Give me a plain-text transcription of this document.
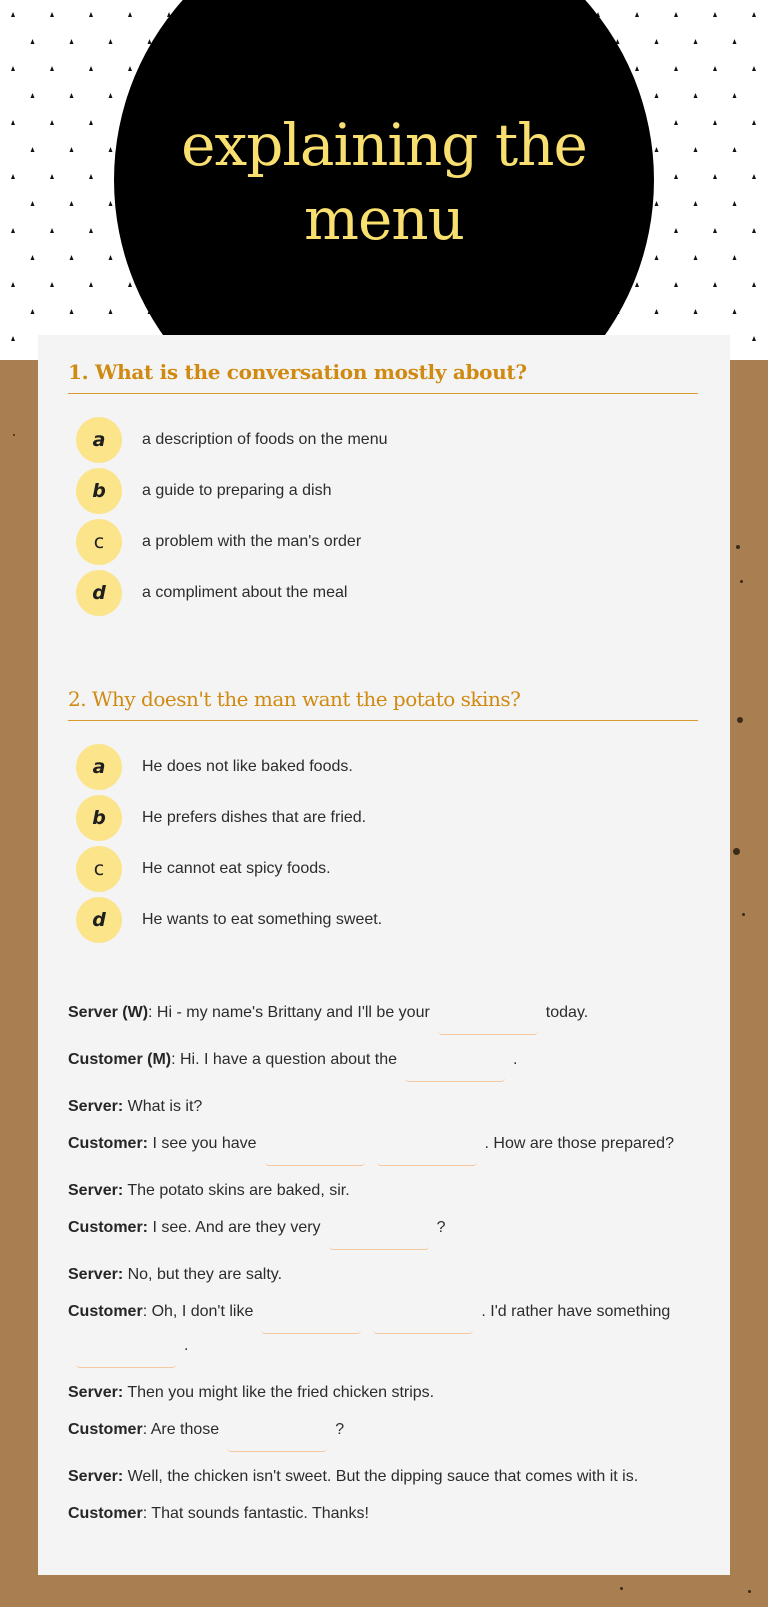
explaining the
menu
1. What is the conversation mostly about?
a	a description of foods on the menu
b	a guide to preparing a dish
c	a problem with the man's order
d	a compliment about the meal
2. Why doesn't the man want the potato skins?
a	He does not like baked foods.
b	He prefers dishes that are fried.
c	He cannot eat spicy foods.
d	He wants to eat something sweet.
Server (W): Hi - my name's Brittany and I'll be your	today.
Customer (M): Hi. I have a question about the	.
Server: What is it?
Customer: I see you have	. How are those prepared?
Server: The potato skins are baked, sir.
Customer: I see. And are they very	?
Server: No, but they are salty.
Customer: Oh, I don't like	. I'd rather have something.
Server: Then you might like the fried chicken strips.
Customer: Are those	?
Server: Well, the chicken isn't sweet. But the dipping sauce that comes with it is.
Customer: That sounds fantastic. Thanks!
